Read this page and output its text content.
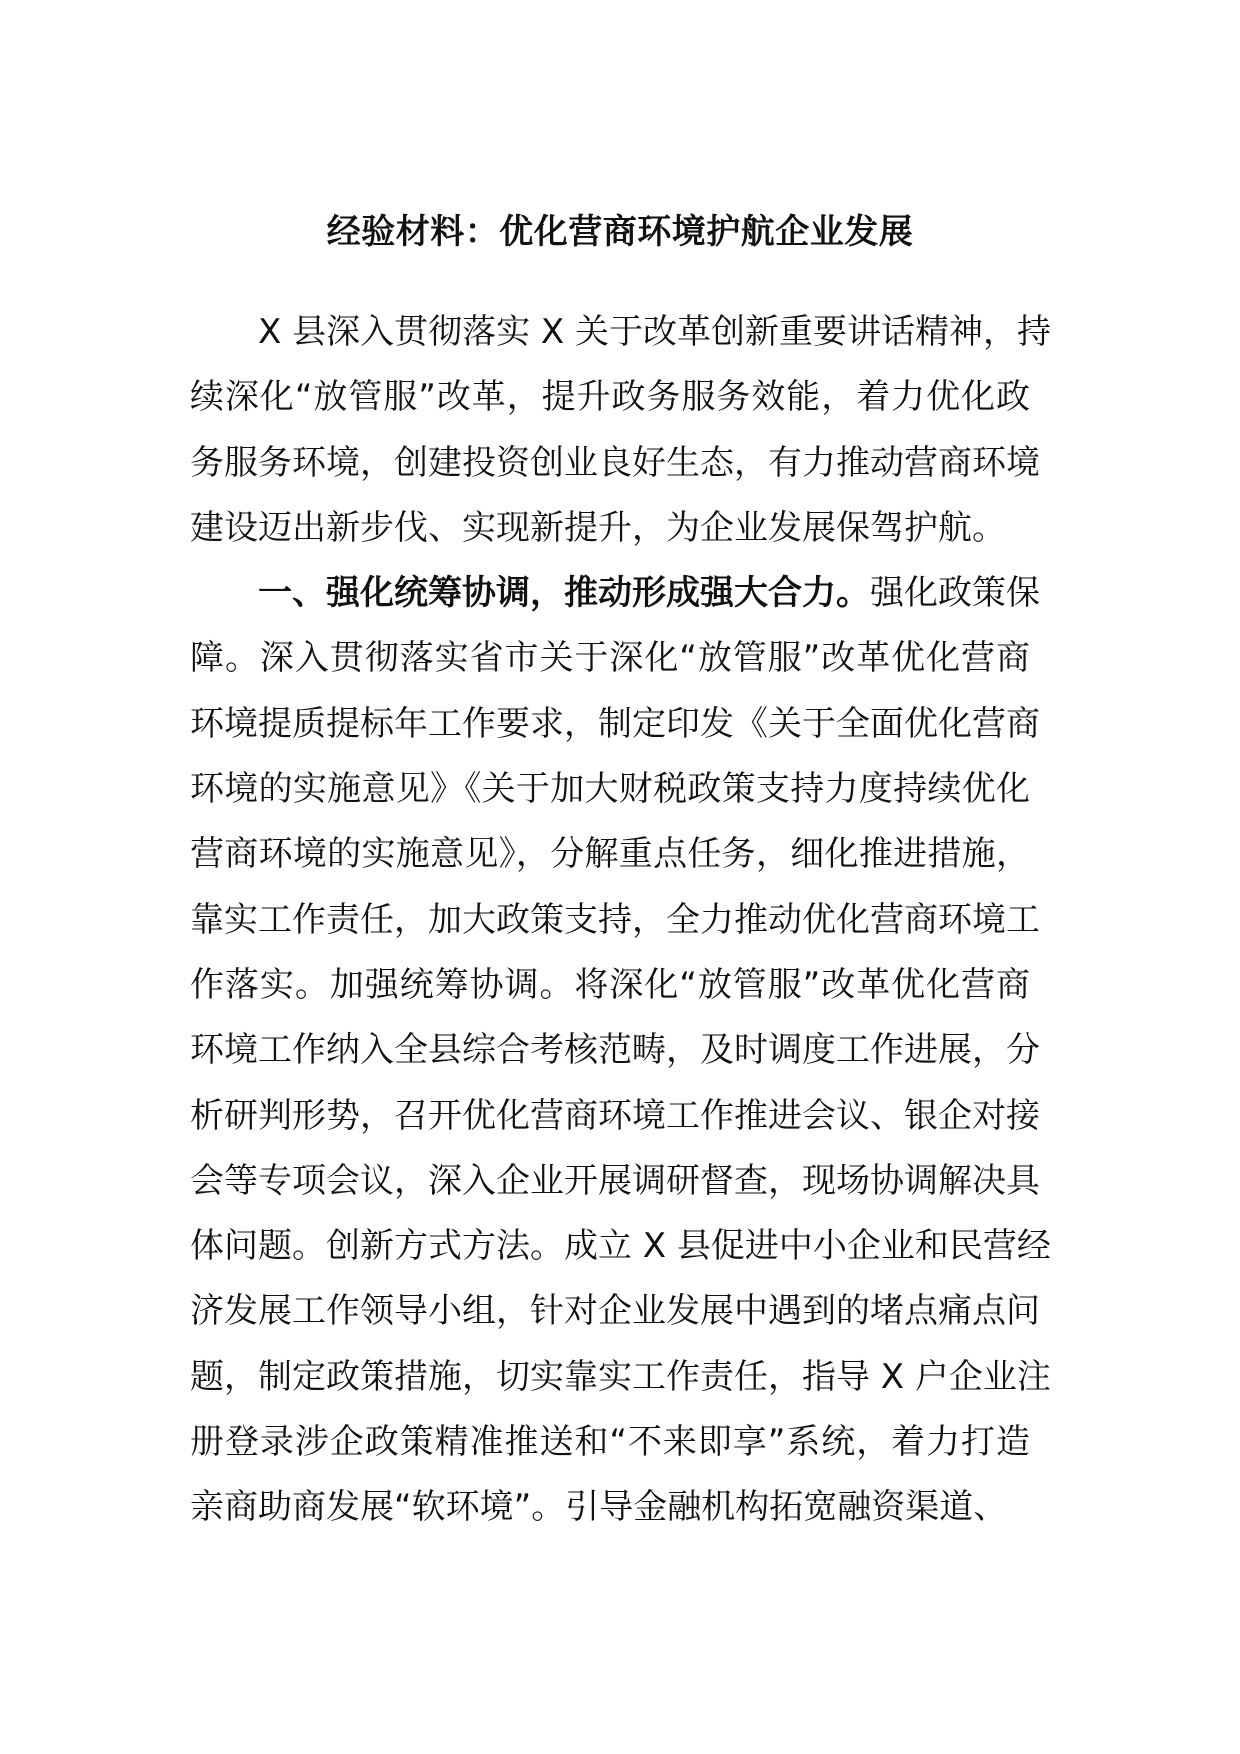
经验材料：优化营商环境护航企业发展
X 县深入贯彻落实 X 关于改革创新重要讲话精神，持
续深化“放管服”改革，提升政务服务效能，着力优化政
务服务环境，创建投资创业良好生态，有力推动营商环境
建设迈出新步伐、实现新提升，为企业发展保驾护航。
一、强化统筹协调，推动形成强大合力。强化政策保
障。深入贯彻落实省市关于深化“放管服”改革优化营商
环境提质提标年工作要求，制定印发《关于全面优化营商
环境的实施意见》《关于加大财税政策支持力度持续优化
营商环境的实施意见》，分解重点任务，细化推进措施，
靠实工作责任，加大政策支持，全力推动优化营商环境工
作落实。加强统筹协调。将深化“放管服”改革优化营商
环境工作纳入全县综合考核范畴，及时调度工作进展，分
析研判形势，召开优化营商环境工作推进会议、银企对接
会等专项会议，深入企业开展调研督查，现场协调解决具
体问题。创新方式方法。成立 X 县促进中小企业和民营经
济发展工作领导小组，针对企业发展中遇到的堵点痛点问
题，制定政策措施，切实靠实工作责任，指导 X 户企业注
册登录涉企政策精准推送和“不来即享”系统，着力打造
亲商助商发展“软环境”。引导金融机构拓宽融资渠道、
